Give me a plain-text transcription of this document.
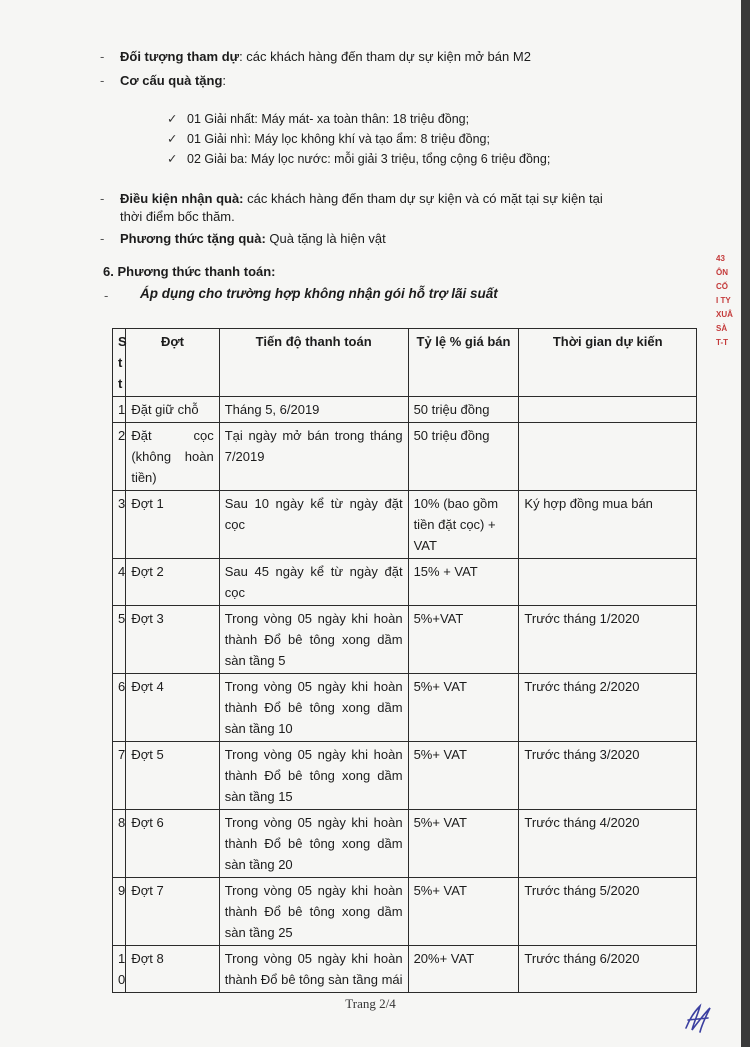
- Đối tượng tham dự: các khách hàng đến tham dự sự kiện mở bán M2
- Cơ cấu quà tặng:
✓ 01 Giải nhất: Máy mát- xa toàn thân: 18 triệu đồng;
✓ 01 Giải nhì: Máy lọc không khí và tạo ẩm: 8 triệu đồng;
✓ 02 Giải ba: Máy lọc nước: mỗi giải 3 triệu, tổng cộng 6 triệu đồng;
- Điều kiện nhận quà: các khách hàng đến tham dự sự kiện và có mặt tại sự kiện tại
thời điểm bốc thăm.
- Phương thức tặng quà: Quà tặng là hiện vật
6. Phương thức thanh toán:
- Áp dụng cho trường hợp không nhận gói hỗ trợ lãi suất
Stt	Đợt	Tiến độ thanh toán	Tỷ lệ % giá bán	Thời gian dự kiến
1	Đặt giữ chỗ	Tháng 5, 6/2019	50 triệu đồng	
2	Đặt cọc (không hoàn tiền)	Tại ngày mở bán trong tháng 7/2019	50 triệu đồng	
3	Đợt 1	Sau 10 ngày kể từ ngày đặt cọc	10% (bao gồm tiền đặt cọc) + VAT	Ký hợp đồng mua bán
4	Đợt 2	Sau 45 ngày kể từ ngày đặt cọc	15% + VAT	
5	Đợt 3	Trong vòng 05 ngày khi hoàn thành Đổ bê tông xong dầm sàn tầng 5	5%+VAT	Trước tháng 1/2020
6	Đợt 4	Trong vòng 05 ngày khi hoàn thành Đổ bê tông xong dầm sàn tầng 10	5%+ VAT	Trước tháng 2/2020
7	Đợt 5	Trong vòng 05 ngày khi hoàn thành Đổ bê tông xong dầm sàn tầng 15	5%+ VAT	Trước tháng 3/2020
8	Đợt 6	Trong vòng 05 ngày khi hoàn thành Đổ bê tông xong dầm sàn tầng 20	5%+ VAT	Trước tháng 4/2020
9	Đợt 7	Trong vòng 05 ngày khi hoàn thành Đổ bê tông xong dầm sàn tầng 25	5%+ VAT	Trước tháng 5/2020
10	Đợt 8	Trong vòng 05 ngày khi hoàn thành Đổ bê tông sàn tầng mái	20%+ VAT	Trước tháng 6/2020
43
ÔN
CỐ
I TY
XUÂ
SÀ
T-T
Trang 2/4
